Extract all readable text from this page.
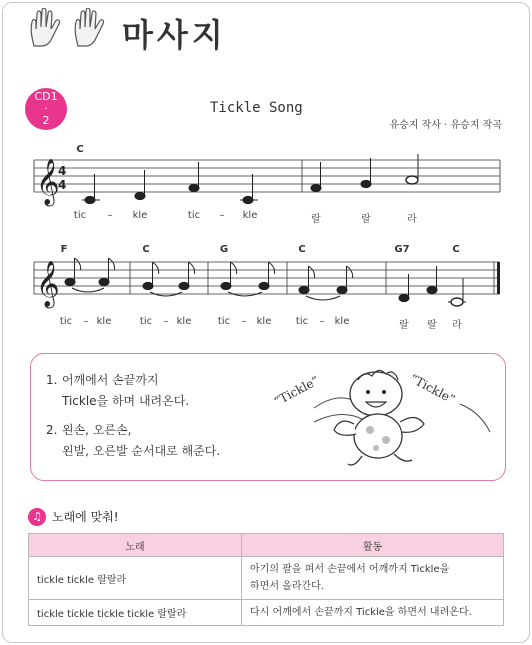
마사지
CD1
·
2
Tickle Song
유승지 작사 · 유승지 작곡
𝄞
4
4
𝄞
C
tic – kle	tic – kle	랄	랄	라
F	C	G	C	G7	C
tic – kle	tic – kle	tic – kle tic – kle	랄 랄 라
1. 어깨에서 손끝까지
Tickle을 하며 내려온다.
2. 왼손, 오른손,
왼발, 오른발 순서대로 해준다.
“Tickle”	“Tickle”
♫ 노래에 맞춰!
노래	활동
tickle tickle 랄랄라	아기의 팔을 펴서 손끝에서 어깨까지 Tickle을
하면서 올라간다.

tickle tickle tickle tickle 랄랄라	다시 어깨에서 손끝까지 Tickle을 하면서 내려온다.
